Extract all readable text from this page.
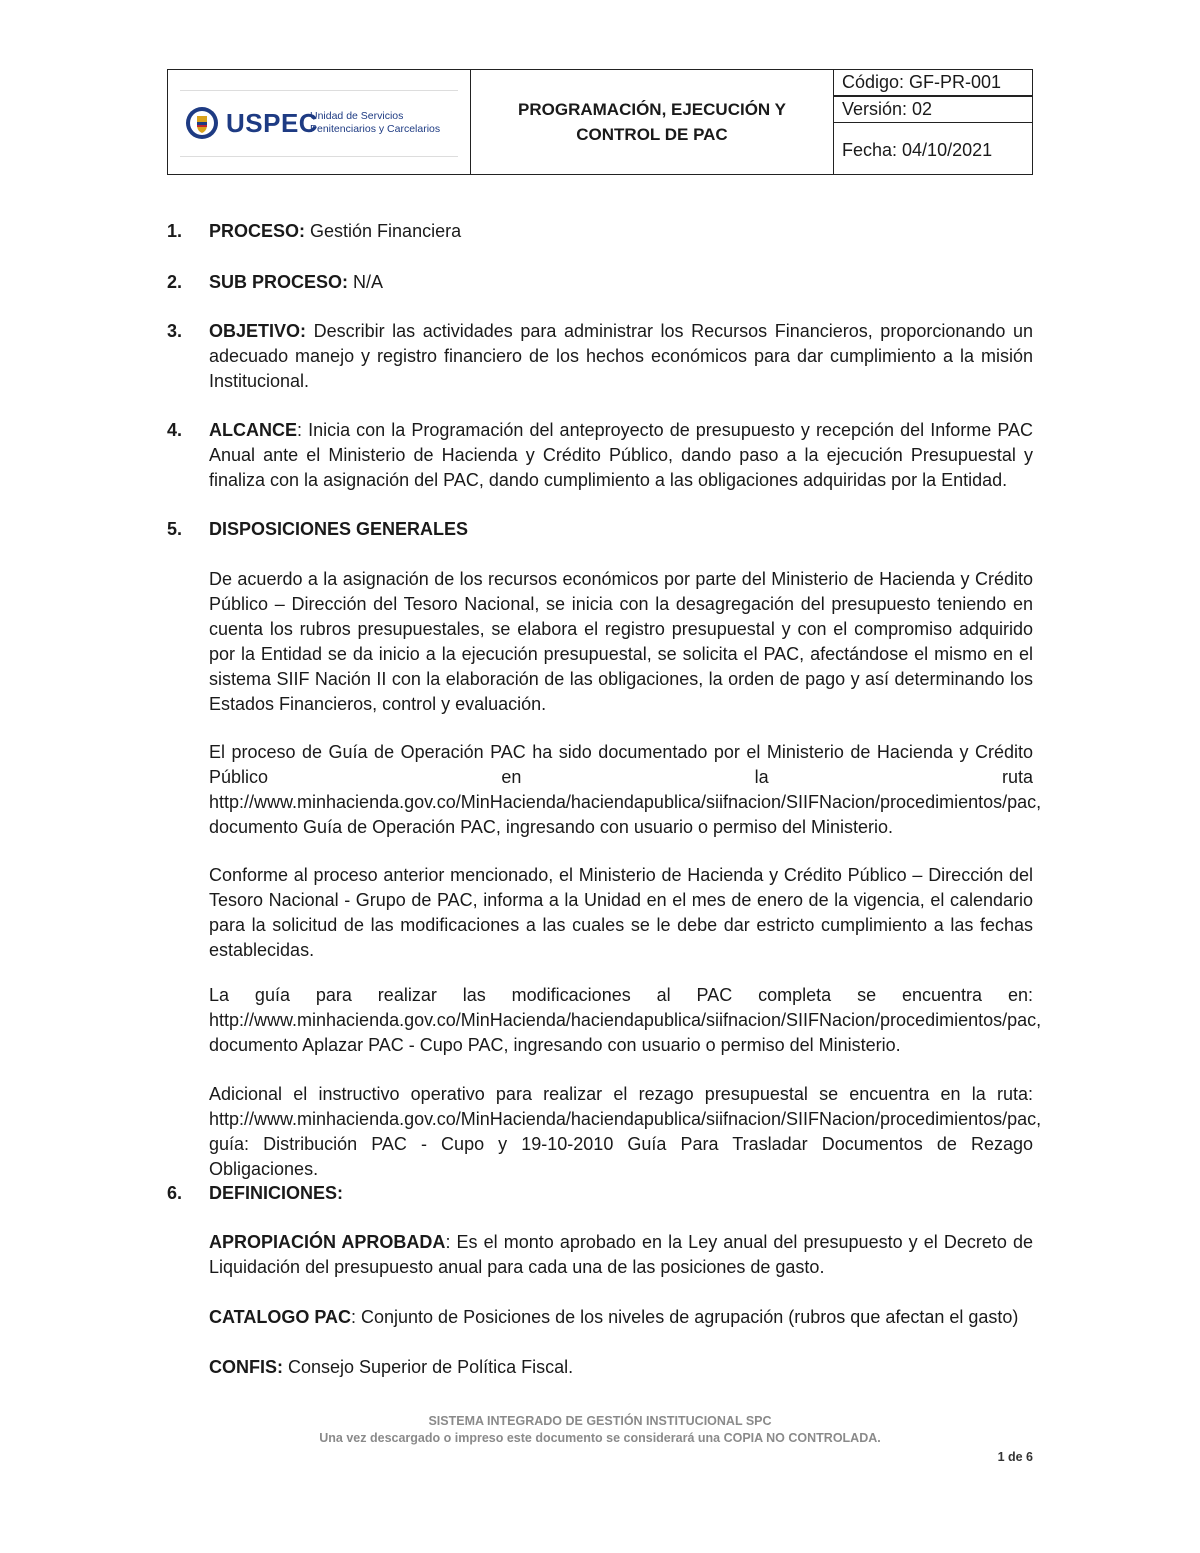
USPEC
Unidad de Servicios
Penitenciarios y Carcelarios
PROGRAMACIÓN, EJECUCIÓN Y
CONTROL DE PAC
Código: GF-PR-001
Versión: 02
Fecha: 04/10/2021
1. PROCESO: Gestión Financiera
2. SUB PROCESO: N/A
3. OBJETIVO: Describir las actividades para administrar los Recursos Financieros, proporcionando un adecuado manejo y registro financiero de los hechos económicos para dar cumplimiento a la misión Institucional.
4. ALCANCE: Inicia con la Programación del anteproyecto de presupuesto y recepción del Informe PAC Anual ante el Ministerio de Hacienda y Crédito Público, dando paso a la ejecución Presupuestal y finaliza con la asignación del PAC, dando cumplimiento a las obligaciones adquiridas por la Entidad.
5. DISPOSICIONES GENERALES
De acuerdo a la asignación de los recursos económicos por parte del Ministerio de Hacienda y Crédito Público – Dirección del Tesoro Nacional, se inicia con la desagregación del presupuesto teniendo en cuenta los rubros presupuestales, se elabora el registro presupuestal y con el compromiso adquirido por la Entidad se da inicio a la ejecución presupuestal, se solicita el PAC, afectándose el mismo en el sistema SIIF Nación II con la elaboración de las obligaciones, la orden de pago y así determinando los Estados Financieros, control y evaluación.
El proceso de Guía de Operación PAC ha sido documentado por el Ministerio de Hacienda y Crédito Público en la ruta
http://www.minhacienda.gov.co/MinHacienda/haciendapublica/siifnacion/SIIFNacion/procedimientos/pac,
documento Guía de Operación PAC, ingresando con usuario o permiso del Ministerio.
Conforme al proceso anterior mencionado, el Ministerio de Hacienda y Crédito Público – Dirección del Tesoro Nacional - Grupo de PAC, informa a la Unidad en el mes de enero de la vigencia, el calendario para la solicitud de las modificaciones a las cuales se le debe dar estricto cumplimiento a las fechas establecidas.
La guía para realizar las modificaciones al PAC completa se encuentra en:
http://www.minhacienda.gov.co/MinHacienda/haciendapublica/siifnacion/SIIFNacion/procedimientos/pac,
documento Aplazar PAC - Cupo PAC, ingresando con usuario o permiso del Ministerio.
Adicional el instructivo operativo para realizar el rezago presupuestal se encuentra en la ruta:
http://www.minhacienda.gov.co/MinHacienda/haciendapublica/siifnacion/SIIFNacion/procedimientos/pac,
guía: Distribución PAC - Cupo y 19-10-2010 Guía Para Trasladar Documentos de Rezago Obligaciones.
6. DEFINICIONES:
APROPIACIÓN APROBADA: Es el monto aprobado en la Ley anual del presupuesto y el Decreto de Liquidación del presupuesto anual para cada una de las posiciones de gasto.
CATALOGO PAC: Conjunto de Posiciones de los niveles de agrupación (rubros que afectan el gasto)
CONFIS: Consejo Superior de Política Fiscal.
SISTEMA INTEGRADO DE GESTIÓN INSTITUCIONAL SPC
Una vez descargado o impreso este documento se considerará una COPIA NO CONTROLADA.
1 de 6
